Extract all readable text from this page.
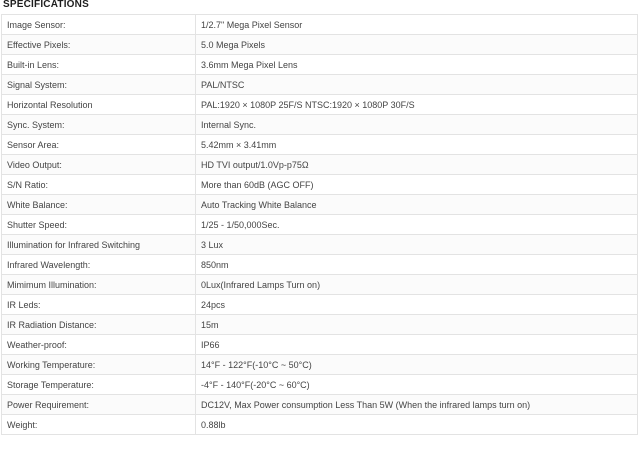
SPECIFICATIONS
Image Sensor:	1/2.7" Mega Pixel Sensor
Effective Pixels:	5.0 Mega Pixels
Built-in Lens:	3.6mm Mega Pixel Lens
Signal System:	PAL/NTSC
Horizontal Resolution	PAL:1920 × 1080P 25F/S NTSC:1920 × 1080P 30F/S
Sync. System:	Internal Sync.
Sensor Area:	5.42mm × 3.41mm
Video Output:	HD TVI output/1.0Vp-p75Ω
S/N Ratio:	More than 60dB (AGC OFF)
White Balance:	Auto Tracking White Balance
Shutter Speed:	1/25 - 1/50,000Sec.
Illumination for Infrared Switching	3 Lux
Infrared Wavelength:	850nm
Mimimum Illumination:	0Lux(Infrared Lamps Turn on)
IR Leds:	24pcs
IR Radiation Distance:	15m
Weather-proof:	IP66
Working Temperature:	14°F - 122°F(-10°C ~ 50°C)
Storage Temperature:	-4°F - 140°F(-20°C ~ 60°C)
Power Requirement:	DC12V, Max Power consumption Less Than 5W (When the infrared lamps turn on)
Weight:	0.88lb
